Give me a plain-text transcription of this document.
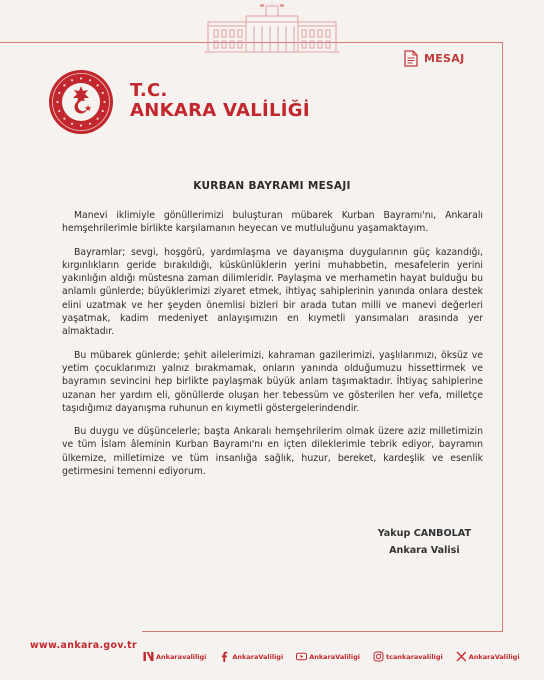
MESAJ
T.C.
ANKARA VALİLİĞİ
KURBAN BAYRAMI MESAJI

Manevi iklimiyle gönüllerimizi buluşturan mübarek Kurban Bayramı'nı, Ankaralı hemşehrilerimle birlikte karşılamanın heyecan ve mutluluğunu yaşamaktayım.

Bayramlar; sevgi, hoşgörü, yardımlaşma ve dayanışma duygularının güç kazandığı, kırgınlıkların geride bırakıldığı, küskünlüklerin yerini muhabbetin, mesafelerin yerini yakınlığın aldığı müstesna zaman dilimleridir. Paylaşma ve merhametin hayat bulduğu bu anlamlı günlerde; büyüklerimizi ziyaret etmek, ihtiyaç sahiplerinin yanında onlara destek elini uzatmak ve her şeyden önemlisi bizleri bir arada tutan milli ve manevi değerleri yaşatmak, kadim medeniyet anlayışımızın en kıymetli yansımaları arasında yer almaktadır.

Bu mübarek günlerde; şehit ailelerimizi, kahraman gazilerimizi, yaşlılarımızı, öksüz ve yetim çocuklarımızı yalnız bırakmamak, onların yanında olduğumuzu hissettirmek ve bayramın sevincini hep birlikte paylaşmak büyük anlam taşımaktadır. İhtiyaç sahiplerine uzanan her yardım eli, gönüllerde oluşan her tebessüm ve gösterilen her vefa, milletçe taşıdığımız dayanışma ruhunun en kıymetli göstergelerindendir.

Bu duygu ve düşüncelerle; başta Ankaralı hemşehrilerim olmak üzere aziz milletimizin ve tüm İslam âleminin Kurban Bayramı'nı en içten dileklerimle tebrik ediyor, bayramın ülkemize, milletimize ve tüm insanlığa sağlık, huzur, bereket, kardeşlik ve esenlik getirmesini temenni ediyorum.

Yakup CANBOLAT
Ankara Valisi
www.ankara.gov.tr
Ankaravaliligi	AnkaraValiligi	AnkaraValiligi	tcankaravaliligi	AnkaraValiligi
